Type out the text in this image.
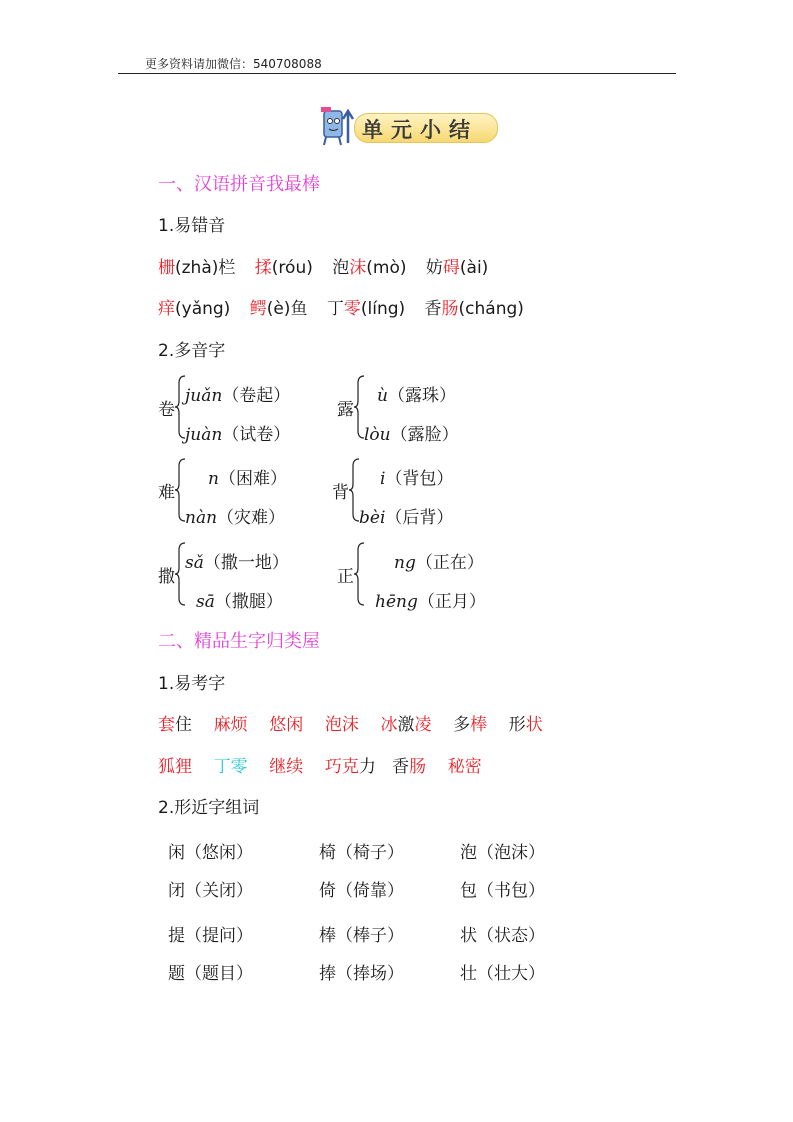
更多资料请加微信：540708088
单元小结
一、汉语拼音我最棒
1.易错音
栅(zhà)栏 揉(róu) 泡沫(mò) 妨碍(ài)
痒(yǎng) 鳄(è)鱼 丁零(líng) 香肠(cháng)
2.多音字
卷
juǎn（卷起）
juàn（试卷）
露
ù（露珠）
lòu（露脸）
难
n（困难）
nàn（灾难）
背
i（背包）
bèi（后背）
撒
sǎ（撒一地）
sā（撒腿）
正
ng（正在）
hēng（正月）
二、精品生字归类屋
1.易考字
套住 麻烦 悠闲 泡沫 冰激凌 多棒 形状
狐狸 丁零 继续 巧克力 香肠 秘密
2.形近字组词
闲（悠闲）	椅（椅子）	泡（泡沫）
闭（关闭）	倚（倚靠）	包（书包）
提（提问）	棒（棒子）	状（状态）
题（题目）	捧（捧场）	壮（壮大）
